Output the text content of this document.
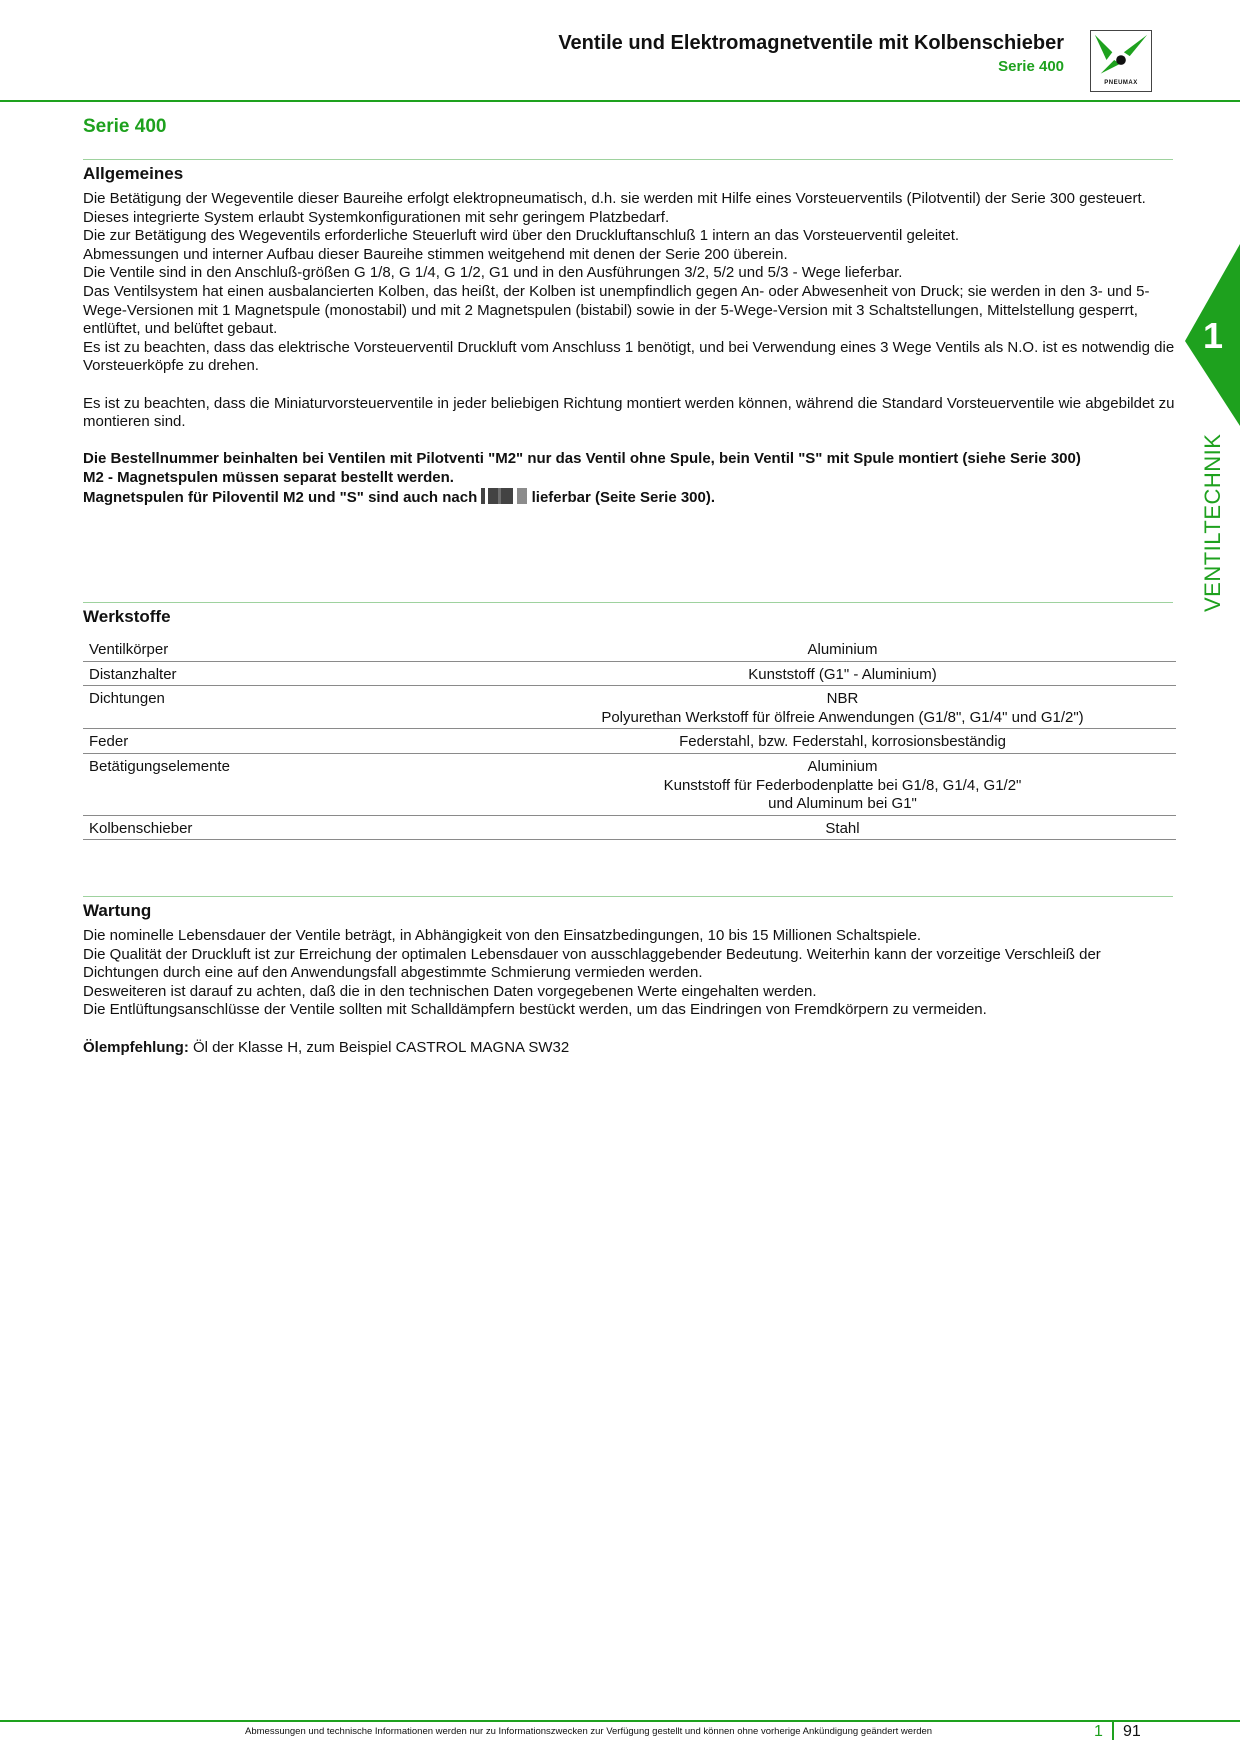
Ventile und Elektromagnetventile mit Kolbenschieber
Serie 400
PNEUMAX
Serie 400
Allgemeines

Die Betätigung der Wegeventile dieser Baureihe erfolgt elektropneumatisch, d.h. sie werden mit Hilfe eines Vorsteuerventils (Pilotventil) der Serie 300 gesteuert.

Dieses integrierte System erlaubt Systemkonfigurationen mit sehr geringem Platzbedarf.

Die zur Betätigung des Wegeventils erforderliche Steuerluft wird über den Druckluftanschluß 1 intern an das Vorsteuerventil geleitet.

Abmessungen und interner Aufbau dieser Baureihe stimmen weitgehend mit denen der Serie 200 überein.

Die Ventile sind in den Anschluß-größen G 1/8, G 1/4, G 1/2, G1 und in den Ausführungen 3/2, 5/2 und 5/3 - Wege lieferbar.

Das Ventilsystem hat einen ausbalancierten Kolben, das heißt, der Kolben ist unempfindlich gegen An- oder Abwesenheit von Druck; sie werden in den 3- und 5-Wege-Versionen mit 1 Magnetspule (monostabil) und mit 2 Magnetspulen (bistabil) sowie in der 5-Wege-Version mit 3 Schaltstellungen, Mittelstellung gesperrt, entlüftet, und belüftet gebaut.

Es ist zu beachten, dass das elektrische Vorsteuerventil Druckluft vom Anschluss 1 benötigt, und bei Verwendung eines 3 Wege Ventils als N.O. ist es notwendig die Vorsteuerköpfe zu drehen.

Es ist zu beachten, dass die Miniaturvorsteuerventile in jeder beliebigen Richtung montiert werden können, während die Standard Vorsteuerventile wie abgebildet zu montieren sind.

Die Bestellnummer beinhalten bei Ventilen mit Pilotventi "M2" nur das Ventil ohne Spule, bein Ventil "S" mit Spule montiert (siehe Serie 300)

M2 - Magnetspulen müssen separat bestellt werden.

Magnetspulen für Piloventil M2 und "S" sind auch nach	lieferbar (Seite Serie 300).

Werkstoffe
Ventilkörper	Aluminium
Distanzhalter	Kunststoff (G1" - Aluminium)
Dichtungen	NBR
Polyurethan Werkstoff für ölfreie Anwendungen (G1/8", G1/4" und G1/2")
Feder	Federstahl, bzw. Federstahl, korrosionsbeständig
Betätigungselemente	Aluminium
Kunststoff für Federbodenplatte bei G1/8, G1/4, G1/2"
und Aluminum bei G1"
Kolbenschieber	Stahl
Wartung

Die nominelle Lebensdauer der Ventile beträgt, in Abhängigkeit von den Einsatzbedingungen, 10 bis 15 Millionen Schaltspiele.

Die Qualität der Druckluft ist zur Erreichung der optimalen Lebensdauer von ausschlaggebender Bedeutung. Weiterhin kann der vorzeitige Verschleiß der Dichtungen durch eine auf den Anwendungsfall abgestimmte Schmierung vermieden werden.

Desweiteren ist darauf zu achten, daß die in den technischen Daten vorgegebenen Werte eingehalten werden.

Die Entlüftungsanschlüsse der Ventile sollten mit Schalldämpfern bestückt werden, um das Eindringen von Fremdkörpern zu vermeiden.

Ölempfehlung: Öl der Klasse H, zum Beispiel CASTROL MAGNA SW32

1
VENTILTECHNIK
Abmessungen und technische Informationen werden nur zu Informationszwecken zur Verfügung gestellt und können ohne vorherige Ankündigung geändert werden	1 91
